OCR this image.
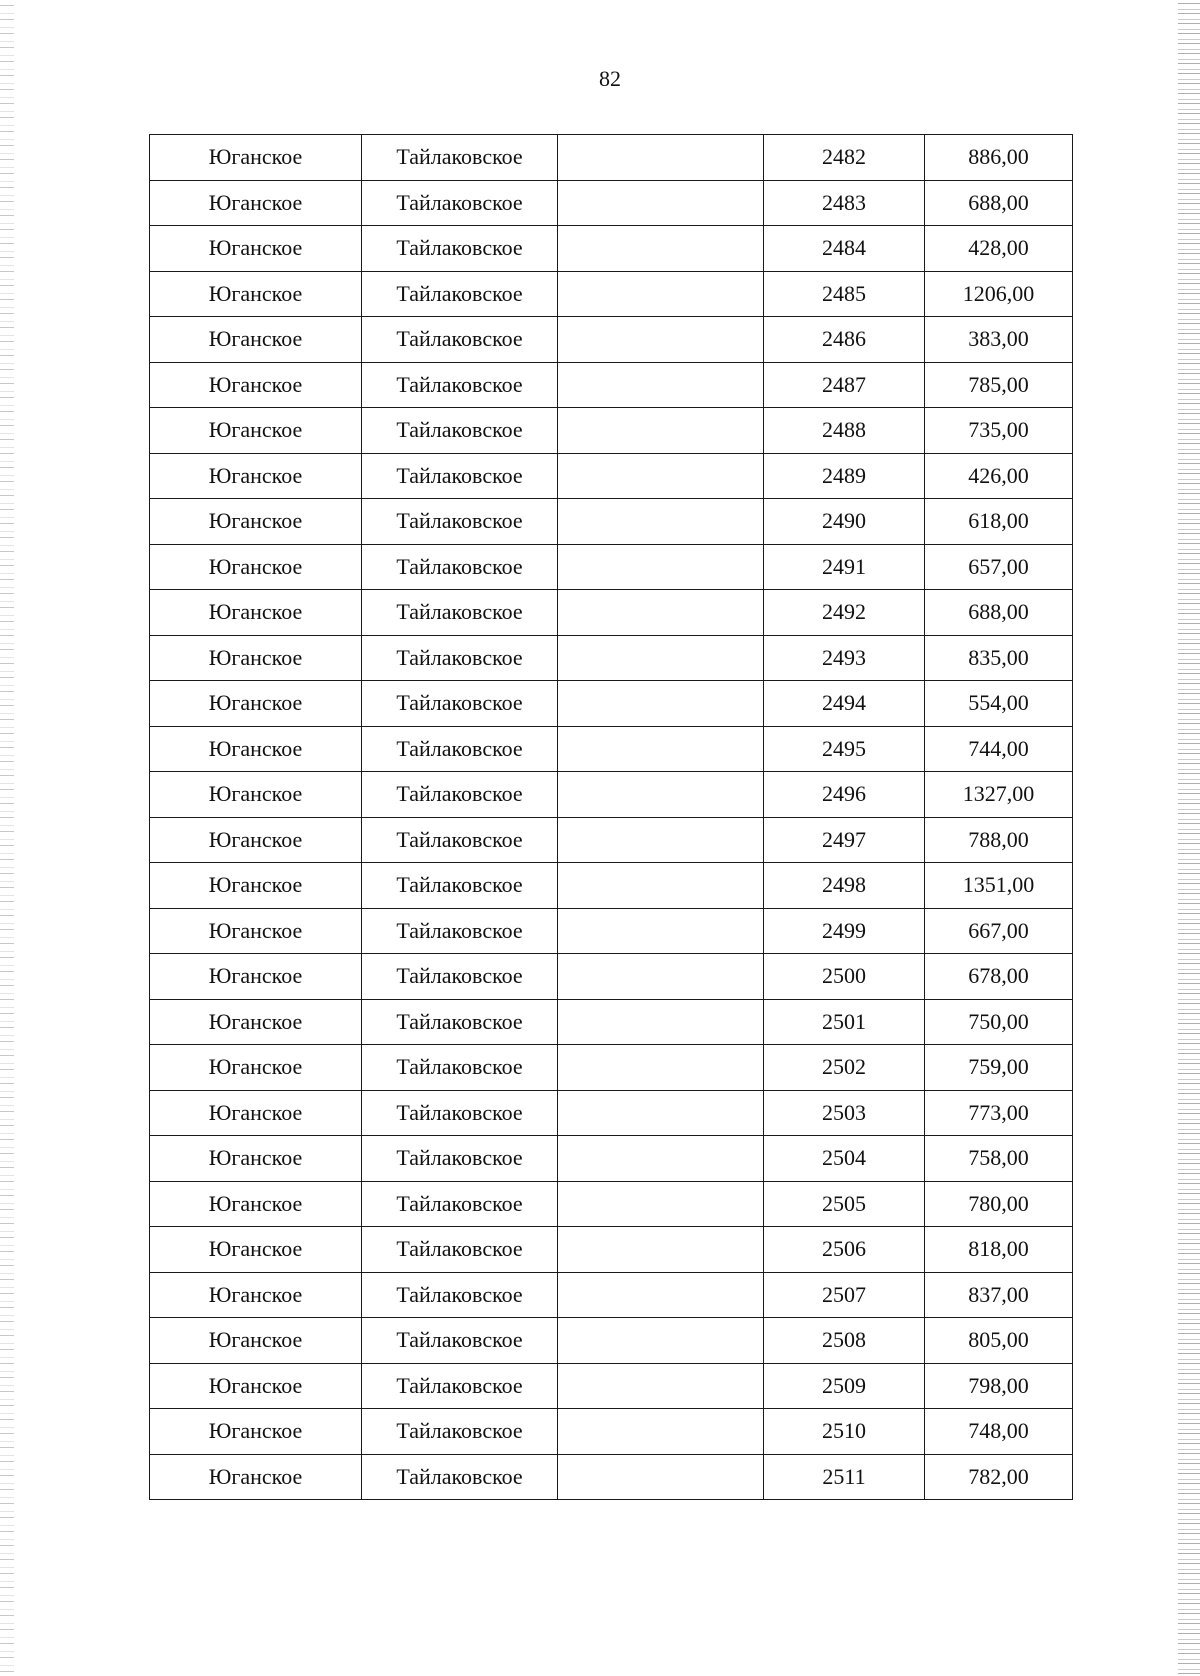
82
Юганское	Тайлаковское		2482	886,00
Юганское	Тайлаковское		2483	688,00
Юганское	Тайлаковское		2484	428,00
Юганское	Тайлаковское		2485	1206,00
Юганское	Тайлаковское		2486	383,00
Юганское	Тайлаковское		2487	785,00
Юганское	Тайлаковское		2488	735,00
Юганское	Тайлаковское		2489	426,00
Юганское	Тайлаковское		2490	618,00
Юганское	Тайлаковское		2491	657,00
Юганское	Тайлаковское		2492	688,00
Юганское	Тайлаковское		2493	835,00
Юганское	Тайлаковское		2494	554,00
Юганское	Тайлаковское		2495	744,00
Юганское	Тайлаковское		2496	1327,00
Юганское	Тайлаковское		2497	788,00
Юганское	Тайлаковское		2498	1351,00
Юганское	Тайлаковское		2499	667,00
Юганское	Тайлаковское		2500	678,00
Юганское	Тайлаковское		2501	750,00
Юганское	Тайлаковское		2502	759,00
Юганское	Тайлаковское		2503	773,00
Юганское	Тайлаковское		2504	758,00
Юганское	Тайлаковское		2505	780,00
Юганское	Тайлаковское		2506	818,00
Юганское	Тайлаковское		2507	837,00
Юганское	Тайлаковское		2508	805,00
Юганское	Тайлаковское		2509	798,00
Юганское	Тайлаковское		2510	748,00
Юганское	Тайлаковское		2511	782,00
